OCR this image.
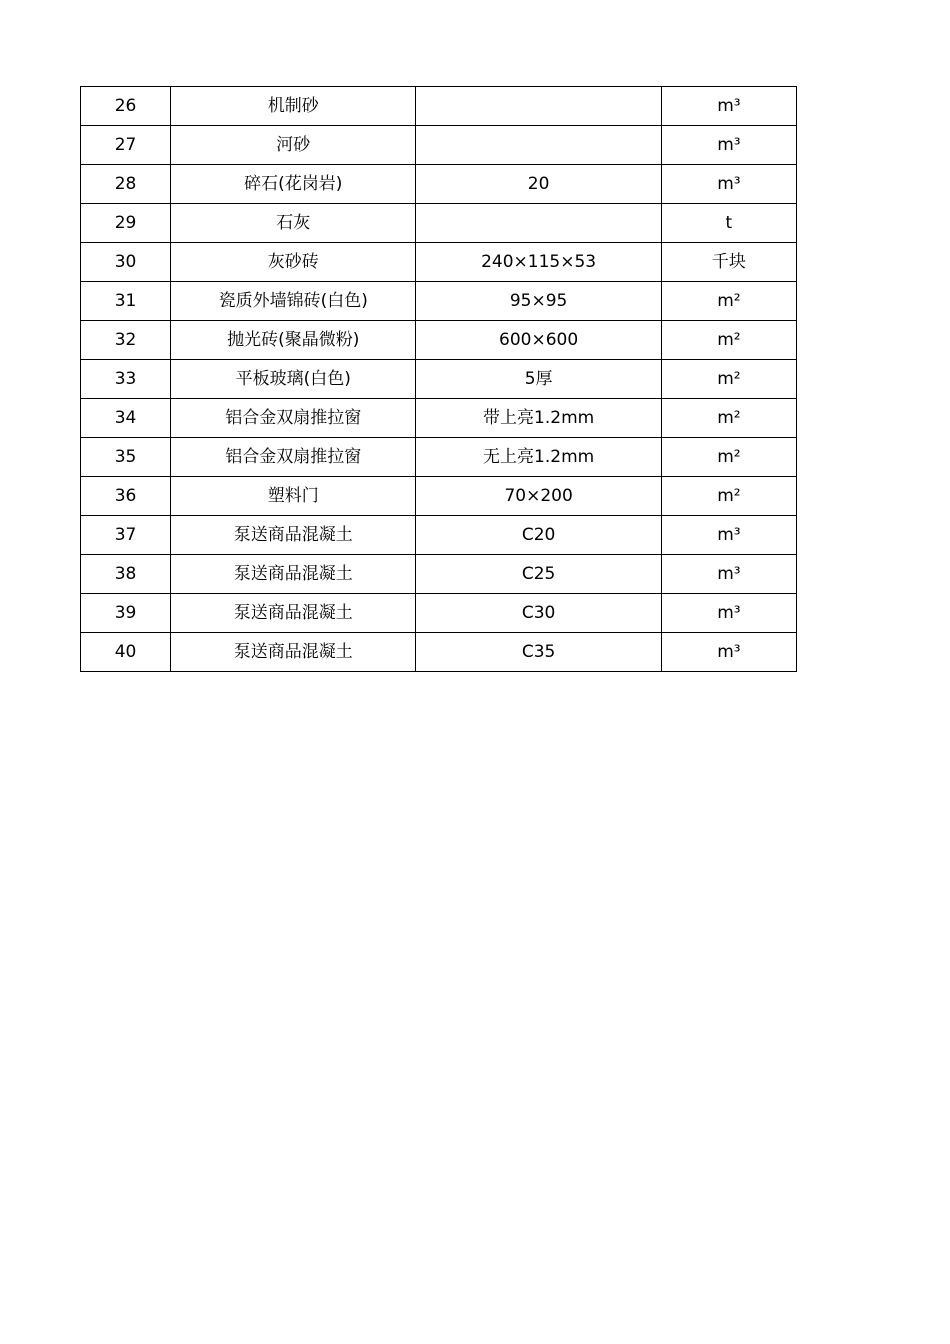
26	机制砂		m³
27	河砂		m³
28	碎石(花岗岩)	20	m³
29	石灰		t
30	灰砂砖	240×115×53	千块
31	瓷质外墙锦砖(白色)	95×95	m²
32	抛光砖(聚晶微粉)	600×600	m²
33	平板玻璃(白色)	5厚	m²
34	铝合金双扇推拉窗	带上亮1.2mm	m²
35	铝合金双扇推拉窗	无上亮1.2mm	m²
36	塑料门	70×200	m²
37	泵送商品混凝土	C20	m³
38	泵送商品混凝土	C25	m³
39	泵送商品混凝土	C30	m³
40	泵送商品混凝土	C35	m³
